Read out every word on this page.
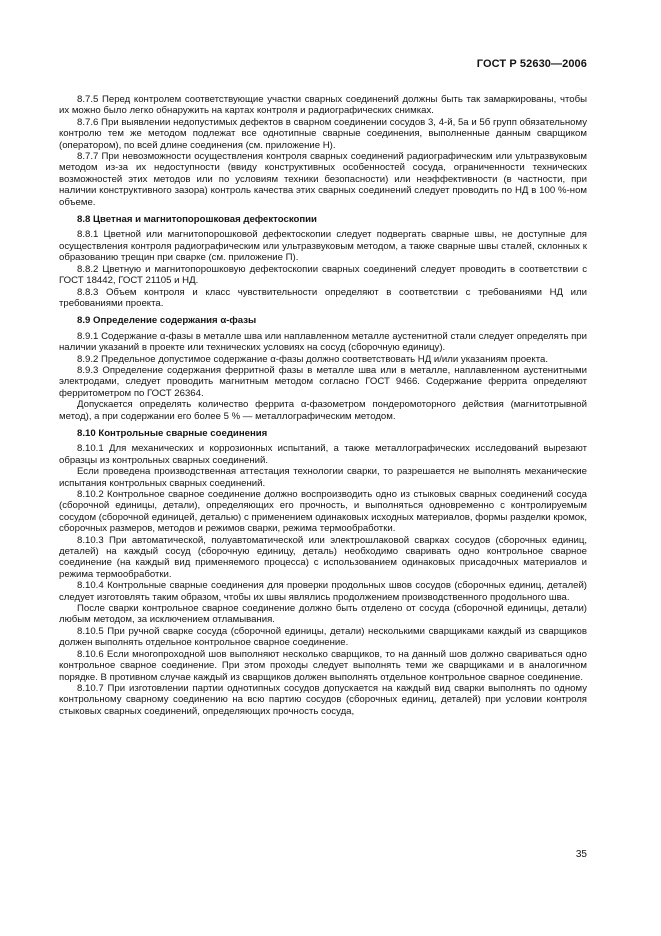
ГОСТ Р 52630—2006

8.7.5 Перед контролем соответствующие участки сварных соединений должны быть так замаркированы, чтобы их можно было легко обнаружить на картах контроля и радиографических снимках.

8.7.6 При выявлении недопустимых дефектов в сварном соединении сосудов 3, 4-й, 5а и 5б групп обязательному контролю тем же методом подлежат все однотипные сварные соединения, выполненные данным сварщиком (оператором), по всей длине соединения (см. приложение Н).

8.7.7 При невозможности осуществления контроля сварных соединений радиографическим или ультразвуковым методом из-за их недоступности (ввиду конструктивных особенностей сосуда, ограниченности технических возможностей этих методов или по условиям техники безопасности) или неэффективности (в частности, при наличии конструктивного зазора) контроль качества этих сварных соединений следует проводить по НД в 100 %-ном объеме.

8.8 Цветная и магнитопорошковая дефектоскопии

8.8.1 Цветной или магнитопорошковой дефектоскопии следует подвергать сварные швы, не доступные для осуществления контроля радиографическим или ультразвуковым методом, а также сварные швы сталей, склонных к образованию трещин при сварке (см. приложение П).

8.8.2 Цветную и магнитопорошковую дефектоскопии сварных соединений следует проводить в соответствии с ГОСТ 18442, ГОСТ 21105 и НД.

8.8.3 Объем контроля и класс чувствительности определяют в соответствии с требованиями НД или требованиями проекта.

8.9 Определение содержания α-фазы

8.9.1 Содержание α-фазы в металле шва или наплавленном металле аустенитной стали следует определять при наличии указаний в проекте или технических условиях на сосуд (сборочную единицу).

8.9.2 Предельное допустимое содержание α-фазы должно соответствовать НД и/или указаниям проекта.

8.9.3 Определение содержания ферритной фазы в металле шва или в металле, наплавленном аустенитными электродами, следует проводить магнитным методом согласно ГОСТ 9466. Содержание феррита определяют ферритометром по ГОСТ 26364.

Допускается определять количество феррита α-фазометром пондеромоторного действия (магнитотрывной метод), а при содержании его более 5 % — металлографическим методом.

8.10 Контрольные сварные соединения

8.10.1 Для механических и коррозионных испытаний, а также металлографических исследований вырезают образцы из контрольных сварных соединений.

Если проведена производственная аттестация технологии сварки, то разрешается не выполнять механические испытания контрольных сварных соединений.

8.10.2 Контрольное сварное соединение должно воспроизводить одно из стыковых сварных соединений сосуда (сборочной единицы, детали), определяющих его прочность, и выполняться одновременно с контролируемым сосудом (сборочной единицей, деталью) с применением одинаковых исходных материалов, формы разделки кромок, сборочных размеров, методов и режимов сварки, режима термообработки.

8.10.3 При автоматической, полуавтоматической или электрошлаковой сварках сосудов (сборочных единиц, деталей) на каждый сосуд (сборочную единицу, деталь) необходимо сваривать одно контрольное сварное соединение (на каждый вид применяемого процесса) с использованием одинаковых присадочных материалов и режима термообработки.

8.10.4 Контрольные сварные соединения для проверки продольных швов сосудов (сборочных единиц, деталей) следует изготовлять таким образом, чтобы их швы являлись продолжением производственного продольного шва.

После сварки контрольное сварное соединение должно быть отделено от сосуда (сборочной единицы, детали) любым методом, за исключением отламывания.

8.10.5 При ручной сварке сосуда (сборочной единицы, детали) несколькими сварщиками каждый из сварщиков должен выполнять отдельное контрольное сварное соединение.

8.10.6 Если многопроходной шов выполняют несколько сварщиков, то на данный шов должно свариваться одно контрольное сварное соединение. При этом проходы следует выполнять теми же сварщиками и в аналогичном порядке. В противном случае каждый из сварщиков должен выполнять отдельное контрольное сварное соединение.

8.10.7 При изготовлении партии однотипных сосудов допускается на каждый вид сварки выполнять по одному контрольному сварному соединению на всю партию сосудов (сборочных единиц, деталей) при условии контроля стыковых сварных соединений, определяющих прочность сосуда,

35
